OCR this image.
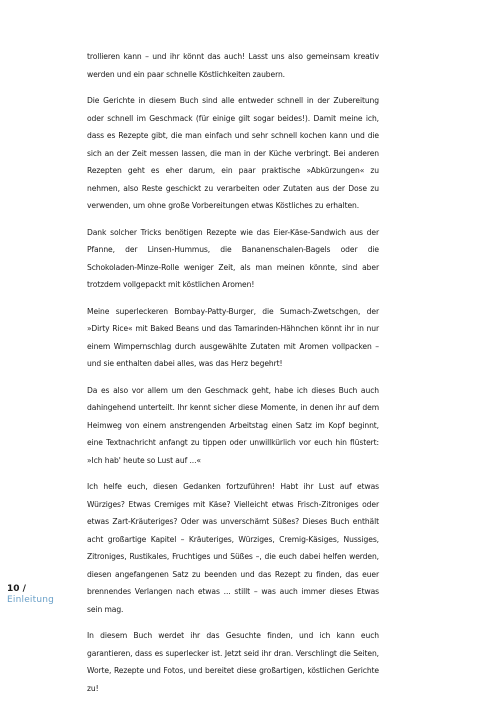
trollieren kann – und ihr könnt das auch! Lasst uns also gemeinsam kreativ werden und ein paar schnelle Köstlichkeiten zaubern.

Die Gerichte in diesem Buch sind alle entweder schnell in der Zubereitung oder schnell im Geschmack (für einige gilt sogar beides!). Damit meine ich, dass es Rezepte gibt, die man einfach und sehr schnell kochen kann und die sich an der Zeit messen lassen, die man in der Küche verbringt. Bei anderen Rezepten geht es eher darum, ein paar praktische »Abkürzungen« zu nehmen, also Reste geschickt zu verarbeiten oder Zutaten aus der Dose zu verwenden, um ohne große Vorbereitungen etwas Köstliches zu erhalten.

Dank solcher Tricks benötigen Rezepte wie das Eier-Käse-Sandwich aus der Pfanne, der Linsen-Hummus, die Bananenschalen-Bagels oder die Schokoladen-Minze-Rolle weniger Zeit, als man meinen könnte, sind aber trotzdem vollgepackt mit köstlichen Aromen!

Meine superleckeren Bombay-Patty-Burger, die Sumach-Zwetschgen, der »Dirty Rice« mit Baked Beans und das Tamarinden-Hähnchen könnt ihr in nur einem Wimpernschlag durch ausgewählte Zutaten mit Aromen vollpacken – und sie enthalten dabei alles, was das Herz begehrt!

Da es also vor allem um den Geschmack geht, habe ich dieses Buch auch dahingehend unterteilt. Ihr kennt sicher diese Momente, in denen ihr auf dem Heimweg von einem anstrengenden Arbeitstag einen Satz im Kopf beginnt, eine Textnachricht anfangt zu tippen oder unwillkürlich vor euch hin flüstert: »Ich hab' heute so Lust auf ...«

Ich helfe euch, diesen Gedanken fortzuführen! Habt ihr Lust auf etwas Würziges? Etwas Cremiges mit Käse? Vielleicht etwas Frisch-Zitroniges oder etwas Zart-Kräuteriges? Oder was unverschämt Süßes? Dieses Buch enthält acht großartige Kapitel – Kräuteriges, Würziges, Cremig-Käsiges, Nussiges, Zitroniges, Rustikales, Fruchtiges und Süßes –, die euch dabei helfen werden, diesen angefangenen Satz zu beenden und das Rezept zu finden, das euer brennendes Verlangen nach etwas ... stillt – was auch immer dieses Etwas sein mag.

In diesem Buch werdet ihr das Gesuchte finden, und ich kann euch garantieren, dass es superlecker ist. Jetzt seid ihr dran. Verschlingt die Seiten, Worte, Rezepte und Fotos, und bereitet diese großartigen, köstlichen Gerichte zu!

10 /
Einleitung
